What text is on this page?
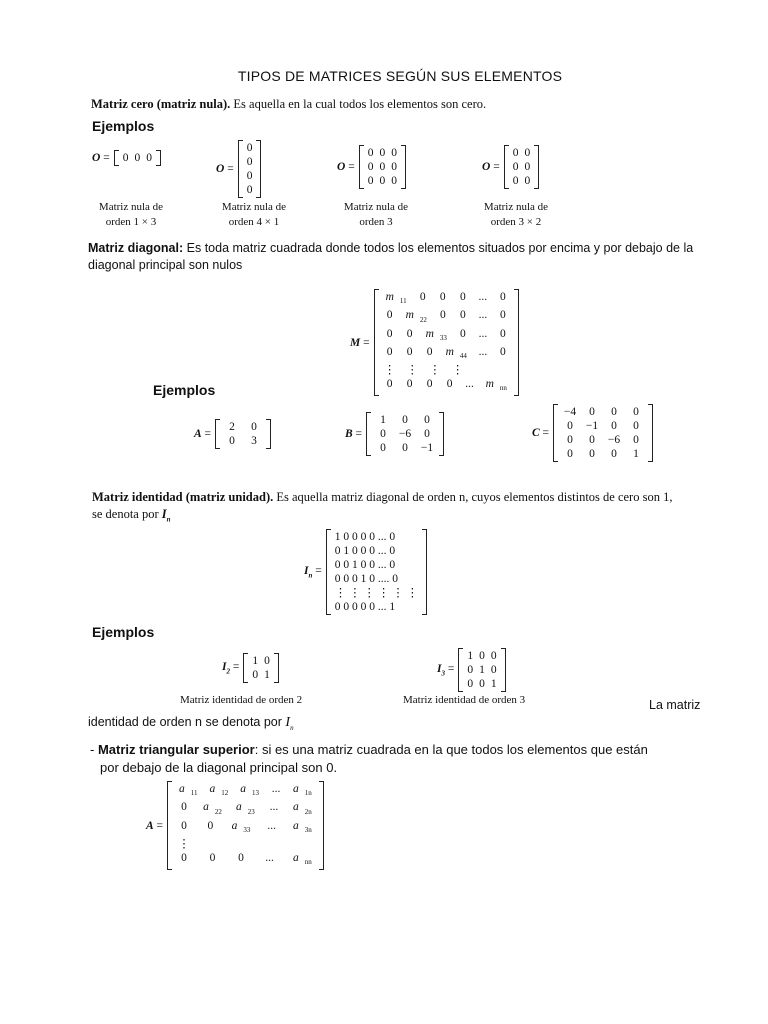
TIPOS DE MATRICES SEGÚN SUS ELEMENTOS
Matriz cero (matriz nula). Es aquella en la cual todos los elementos son cero.
Ejemplos
O = 0 0 0
Matriz nula de
orden 1 × 3
O =
0
0
0
0
Matriz nula de
orden 4 × 1
O =
0 0 0
0 0 0
0 0 0
Matriz nula de
orden 3
O =
0 0
0 0
0 0
Matriz nula de
orden 3 × 2
Matriz diagonal: Es toda matriz cuadrada donde todos los elementos situados por encima y por debajo de la diagonal principal son nulos
M =
m 11	0	0	0	...	0
0	m 22	0	0	...	0
0	0	m 33	0	...	0
0	0	0	m 44	...	0
⋮ ⋮ ⋮ ⋮
0	0	0	0	...	m nn
Ejemplos
A =
2	0
0	3
B =
1	0	0
0	−6	0
0	0	−1
C =
−4	0	0	0
0	−1	0	0
0	0	−6	0
0	0	0	1
Matriz identidad (matriz unidad). Es aquella matriz diagonal de orden n, cuyos elementos distintos de cero son 1,
se denota por $I_n$
$I_n$ =
1 0 0 0 0 ... 0
0 1 0 0 0 ... 0
0 0 1 0 0 ... 0
0 0 0 1 0 .... 0
⋮ ⋮ ⋮ ⋮ ⋮ ⋮
0 0 0 0 0 ... 1
Ejemplos
$I_2 = 1$ 0
0 1
Matriz identidad de orden 2
$I_3$ =
1 0 0
0 1 0
0 0 1
Matriz identidad de orden 3	La matriz
identidad de orden n se denota por $I_n$
- Matriz triangular superior: si es una matriz cuadrada en la que todos los elementos que están
por debajo de la diagonal principal son 0.
A =
a 11	a 12	a 13	...	a 1n
0	a 22	a 23	...	a 2n
0	0	a 33	...	a 3n
⋮
0	0	0	...	a nn
